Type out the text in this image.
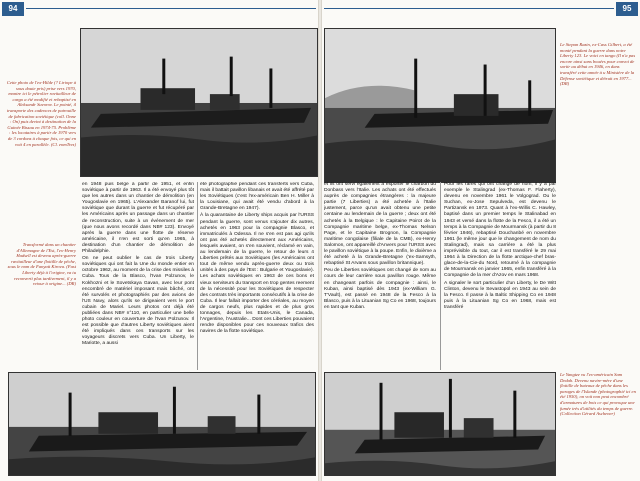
94	95
Cette photo de l'ex-Hilde (? Liriope à sous doute pris) prise vers 1970, montre ici le pétrolier ravitailleur de cargo a été modifié et rebaptisé en Aleksandr Suvorov. Le pointé, il transporte des cadences de patrouille de fabrication soviétique (coll. Onne : On) puis devint à destination de la Guinée Bissau en 1974-75. Problème : les locataires à partir de 1970 vers de 3 cordons à chaque fois, ce qui en voit 4 en parallèle. (Cl. enmTres)

en 1948 puis belge à partir de 1951, et enfin soviétique à partir de 1963. Il a été envoyé plus tôt que les autres dans un chantier de démolition (en Yougoslavie en 1965). L'Alexander Baranof lui, fut soviétique que durant la guerre et fut récupéré par les Américains après un passage dans un chantier de reconstruction, suite à un événement de mer (que nous avons recordé dans NB# 123). Envoyé après la guerre dans une flotte de réserve américaine, il n'en est sorti qu'en 1965, à destination d'un chantier de démolition de Philadelphie.

On ne peut oublier le cas de trois Liberty soviétiques qui ont fait la Une du monde entier en octobre 1962, au moment de la crise des missiles à Cuba. Tous de la Blasco, l'Ivan Polzunov, le Kokhozni et le Sovetskaya Gavan, avec leur pont encombré de matériel imposant mais bâché, ont été survolés et photographiés par des avions de l'US Navy, alors qu'ils se dirigeaient vers le port cubain de Mariel. Leurs photos ont déjà été publiées dans NB# n°110, en particulier une belle photo couleur en couverture de l'Ivan Polzunov. Il est possible que d'autres Liberty soviétiques aient été impliqués dans ces transports sur les voyageurs discrets vers Cuba. Un Liberty, le Mariotte, a aussi

été photographié pendant ces transferts vers Cuba, mais il battait pavillon libanais et avait été affrété par les Soviétiques (c'est l'ex-américain Ben H. Miller à la Louisiane, qui avait été vendu d'abord à la Grande-Bretagne en 1947).

À la quarantaine de Liberty ships acquis par l'URSS pendant la guerre, sont venus s'ajouter dix autres, achetés en 1963 pour la compagnie Blasco, et immatriculés à Odessa. Il ne s'en est pas agi qu'ils ont pas été achetés directement aux Américains, lesquels avaient, on s'en souvient, réclamé en vain, au lendemain de la guerre, le retour de leurs 4 Liberties prêtés aux Soviétiques (les Américains ont tout de même vendu après-guerre deux ou trois unités à des pays de l'Est : Bulgarie et Yougoslavie). Les achats soviétiques en 1963 de ces bons et vieux serviteurs du transport en trop gentes reement de la nécessité pour les Soviétiques de respecter des contrats très importants consécutifs à la crise de Cuba. Il leur fallait importer des céréales, au moyen de cargos neufs, plus rapides et de plus gros tonnages, depuis les Etats-Unis, le Canada, l'Argentine, l'Australie... Dont ces Liberties pouvaient rendre disponibles pour ces nouveaux trafics des navires de la flotte soviétique.

Transformé dans un chantier d'Allemagne de l'Est, l'ex-Henry Hadsell est devenu après-guerre ravitailleur d'une flottille de pêche, sous le nom de Fanyatt Kirova. (Fast Liberty déjà à l'origine, va tu reconverti plus tardivement, il y a retour à origine... (DR)
Le Stepan Razin, ex-Cass Gilbert, a été monté pendant la guerre dans notre Liberty 123. Le voici en tango (Il n'a pas encore ainsi sans bouées pour convoi de sortir au début en 1946, en dans transféré cette année à u Ministère de la Défense soviétique et détruit en 1977... (DR)

et ils ont servi également à exporter le charbon du Donbass vers l'Italie. Les achats ont été effectués auprès de compagnies étrangères : la majeure partie (7 Liberties) a été achetée à l'Italie justement, parce qu'un avait obtenu une petite centaine au lendemain de la guerre ; deux ont été achetés à la Belgique : le Capitaine Poirot de la Compagnie maritime belge, ex-Thomas Nelson Page, et le Capitaine Brognon, la Compagnie maritime congolaise (filiale de la CMB), ex-Henry Salomon, ont appareillé d'Anvers pour l'URSS avec le pavillon soviétique à la poupe. Enfin, le dixième a été acheté à la Grande-Bretagne ('ex-Samsyth, rebaptisé St Arvans sous pavillon britannique).

Peu de Liberties soviétiques ont changé de nom au cours de leur carrière sous pavillon rouge. Même en changeant parfois de compagnie : ainsi, le Kuban, ainsi baptisé dès 1943 (ex-William G. T'Vault), est passé en 1948 de la Fesco à la Blasco, puis à la Lituanian Sg Co en 1968, toujours en tant que Kuban.

Pour les rares qui ont changé de nom, il y a par exemple le Stalingrad (ex-Thomas F. Flaherty), devenu en novembre 1961 le Volgograd. Ou le Suchan, ex-Jose Sepulveda, est devenu le Partizansk en 1973. Quant à l'ex-Willis C. Hawley, baptisé dans un premier temps le Stalinabad en 1943 et versé dans la flotte de la Fesco, il a été un temps à la Compagnie de Mourmansk (à partir du 8 février 1946), rebaptisé Douchanbé en novembre 1961 (le même jour que le changement de nom du Stalingrad), mais sa carrière a été la plus imprévisible du tout, car il est transféré le 29 mai 1964 à la Direction de la flotte arctique-chef bras-glace-de-la-Cie-du Nord, retourné à la compagnie de Mourmansk en janvier 1965, enfin transféré à la Compagnie de la mer d'Azov en mars 1968.

A signaler le sort particulier d'un Liberty, le De Witt Clinton, devenu le Sevastopol en 1943 au sein de la Fesco. Il passe à la Baltic Shipping Co en 1948 puis à la Lituanian Sg Co en 1968, mais est transféré

Le Yangtze vu l'ex-américain Sam Dedah. Devenu navire-mère d'une flottille de bateaux de pêche dans les parages de l'Islande (photographié ici en été 1950), on voit non peut encombré d'armatures de bois ce qui provoque une fumée très d'utilités du temps de guerre. (Collection Gérard Aschener)
